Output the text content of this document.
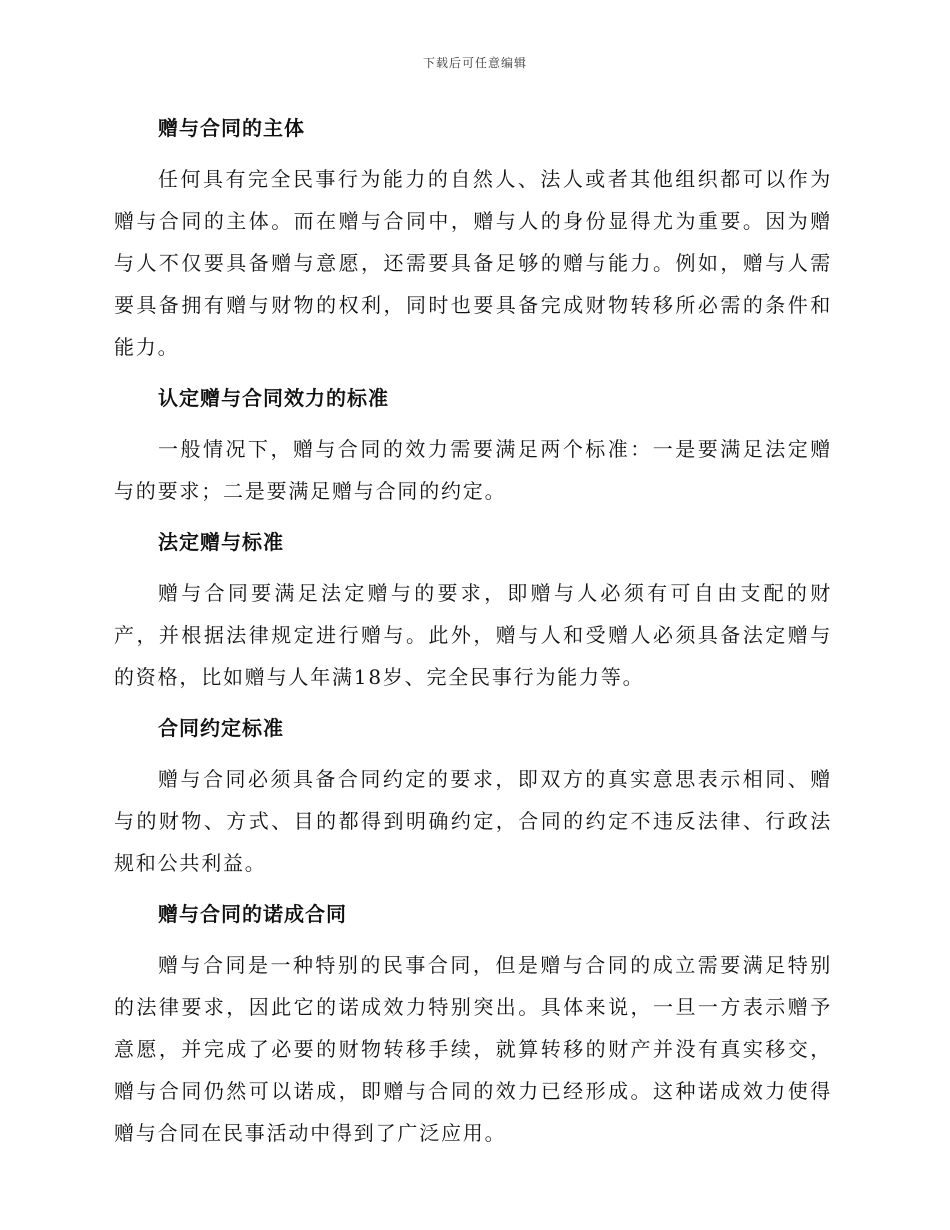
下载后可任意编辑
赠与合同的主体

任何具有完全民事行为能力的自然人、法人或者其他组织都可以作为赠与合同的主体。而在赠与合同中，赠与人的身份显得尤为重要。因为赠与人不仅要具备赠与意愿，还需要具备足够的赠与能力。例如，赠与人需要具备拥有赠与财物的权利，同时也要具备完成财物转移所必需的条件和能力。

认定赠与合同效力的标准

一般情况下，赠与合同的效力需要满足两个标准：一是要满足法定赠与的要求；二是要满足赠与合同的约定。

法定赠与标准

赠与合同要满足法定赠与的要求，即赠与人必须有可自由支配的财产，并根据法律规定进行赠与。此外，赠与人和受赠人必须具备法定赠与的资格，比如赠与人年满18岁、完全民事行为能力等。

合同约定标准

赠与合同必须具备合同约定的要求，即双方的真实意思表示相同、赠与的财物、方式、目的都得到明确约定，合同的约定不违反法律、行政法规和公共利益。

赠与合同的诺成合同

赠与合同是一种特别的民事合同，但是赠与合同的成立需要满足特别的法律要求，因此它的诺成效力特别突出。具体来说，一旦一方表示赠予意愿，并完成了必要的财物转移手续，就算转移的财产并没有真实移交，赠与合同仍然可以诺成，即赠与合同的效力已经形成。这种诺成效力使得赠与合同在民事活动中得到了广泛应用。
